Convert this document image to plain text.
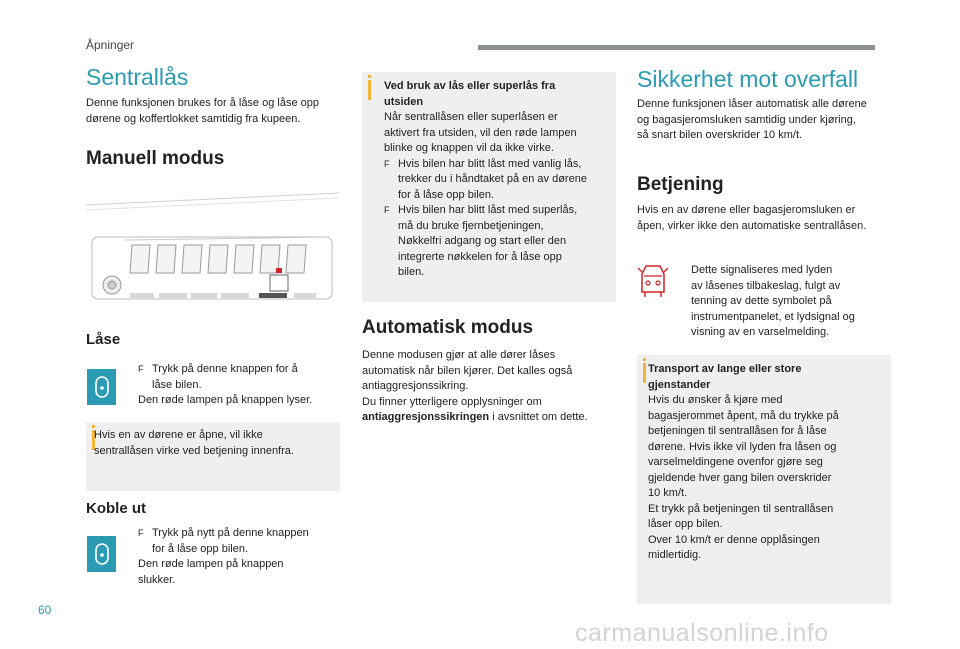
Åpninger
Sentrallås
Denne funksjonen brukes for å låse og låse opp
dørene og koffertlokket samtidig fra kupeen.
Manuell modus
Låse
F Trykk på denne knappen for å
låse bilen.
Den røde lampen på knappen lyser.
Hvis en av dørene er åpne, vil ikke
sentrallåsen virke ved betjening innenfra.
Koble ut
F Trykk på nytt på denne knappen
for å låse opp bilen.
Den røde lampen på knappen
slukker.
Ved bruk av lås eller superlås fra
utsiden
Når sentrallåsen eller superlåsen er
aktivert fra utsiden, vil den røde lampen
blinke og knappen vil da ikke virke.
F Hvis bilen har blitt låst med vanlig lås,
trekker du i håndtaket på en av dørene
for å låse opp bilen.
F Hvis bilen har blitt låst med superlås,
må du bruke fjernbetjeningen,
Nøkkelfri adgang og start eller den
integrerte nøkkelen for å låse opp
bilen.
Automatisk modus
Denne modusen gjør at alle dører låses
automatisk når bilen kjører. Det kalles også
antiaggresjonssikring.
Du finner ytterligere opplysninger om
antiaggresjonssikringen i avsnittet om dette.
Sikkerhet mot overfall
Denne funksjonen låser automatisk alle dørene
og bagasjeromsluken samtidig under kjøring,
så snart bilen overskrider 10 km/t.
Betjening
Hvis en av dørene eller bagasjeromsluken er
åpen, virker ikke den automatiske sentrallåsen.
Dette signaliseres med lyden
av låsenes tilbakeslag, fulgt av
tenning av dette symbolet på
instrumentpanelet, et lydsignal og
visning av en varselmelding.
Transport av lange eller store
gjenstander
Hvis du ønsker å kjøre med
bagasjerommet åpent, må du trykke på
betjeningen til sentrallåsen for å låse
dørene. Hvis ikke vil lyden fra låsen og
varselmeldingene ovenfor gjøre seg
gjeldende hver gang bilen overskrider
10 km/t.
Et trykk på betjeningen til sentrallåsen
låser opp bilen.
Over 10 km/t er denne opplåsingen
midlertidig.
60
carmanualsonline.info
